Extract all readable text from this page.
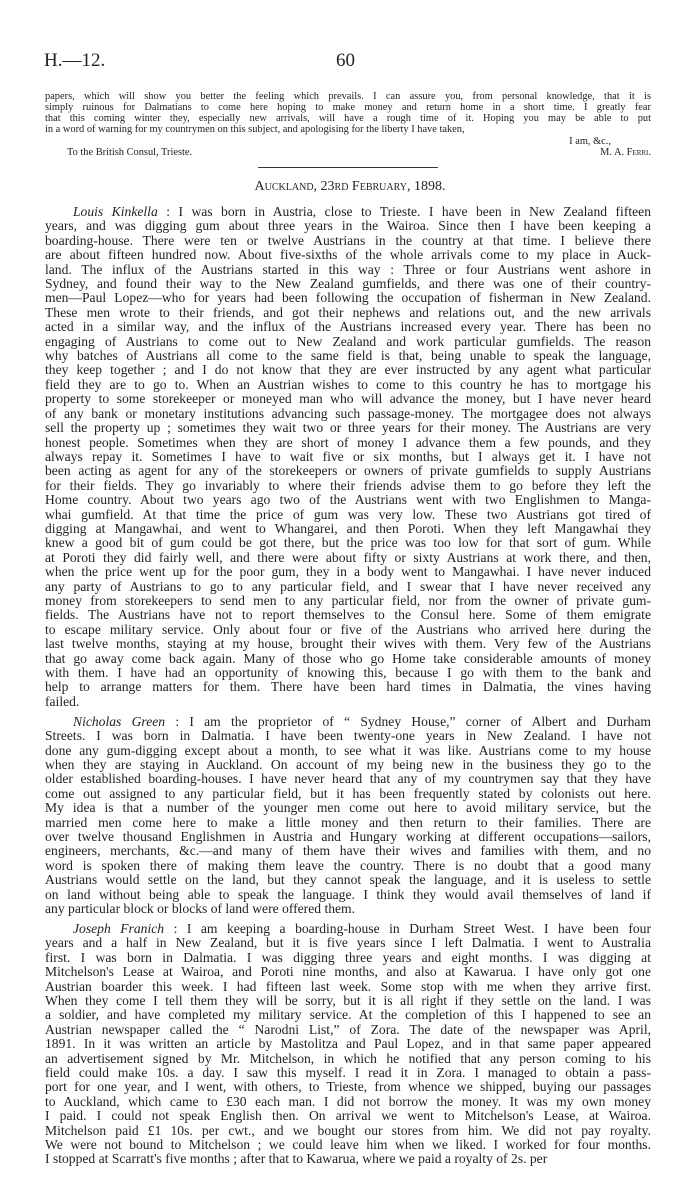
H.—12.	60
papers, which will show you better the feeling which prevails. I can assure you, from personal knowledge, that it is
simply ruinous for Dalmatians to come here hoping to make money and return home in a short time. I greatly fear
that this coming winter they, especially new arrivals, will have a rough time of it. Hoping you may be able to put
in a word of warning for my countrymen on this subject, and apologising for the liberty I have taken,
I am, &c.,
To the British Consul, Trieste.	M. A. Ferri.
Auckland, 23rd February, 1898.
Louis Kinkella : I was born in Austria, close to Trieste. I have been in New Zealand fifteen
years, and was digging gum about three years in the Wairoa. Since then I have been keeping a
boarding-house. There were ten or twelve Austrians in the country at that time. I believe there
are about fifteen hundred now. About five-sixths of the whole arrivals come to my place in Auck-
land. The influx of the Austrians started in this way : Three or four Austrians went ashore in
Sydney, and found their way to the New Zealand gumfields, and there was one of their country-
men—Paul Lopez—who for years had been following the occupation of fisherman in New Zealand.
These men wrote to their friends, and got their nephews and relations out, and the new arrivals
acted in a similar way, and the influx of the Austrians increased every year. There has been no
engaging of Austrians to come out to New Zealand and work particular gumfields. The reason
why batches of Austrians all come to the same field is that, being unable to speak the language,
they keep together ; and I do not know that they are ever instructed by any agent what particular
field they are to go to. When an Austrian wishes to come to this country he has to mortgage his
property to some storekeeper or moneyed man who will advance the money, but I have never heard
of any bank or monetary institutions advancing such passage-money. The mortgagee does not always
sell the property up ; sometimes they wait two or three years for their money. The Austrians are very
honest people. Sometimes when they are short of money I advance them a few pounds, and they
always repay it. Sometimes I have to wait five or six months, but I always get it. I have not
been acting as agent for any of the storekeepers or owners of private gumfields to supply Austrians
for their fields. They go invariably to where their friends advise them to go before they left the
Home country. About two years ago two of the Austrians went with two Englishmen to Manga-
whai gumfield. At that time the price of gum was very low. These two Austrians got tired of
digging at Mangawhai, and went to Whangarei, and then Poroti. When they left Mangawhai they
knew a good bit of gum could be got there, but the price was too low for that sort of gum. While
at Poroti they did fairly well, and there were about fifty or sixty Austrians at work there, and then,
when the price went up for the poor gum, they in a body went to Mangawhai. I have never induced
any party of Austrians to go to any particular field, and I swear that I have never received any
money from storekeepers to send men to any particular field, nor from the owner of private gum-
fields. The Austrians have not to report themselves to the Consul here. Some of them emigrate
to escape military service. Only about four or five of the Austrians who arrived here during the
last twelve months, staying at my house, brought their wives with them. Very few of the Austrians
that go away come back again. Many of those who go Home take considerable amounts of money
with them. I have had an opportunity of knowing this, because I go with them to the bank and
help to arrange matters for them. There have been hard times in Dalmatia, the vines having
failed.
Nicholas Green : I am the proprietor of “ Sydney House,” corner of Albert and Durham
Streets. I was born in Dalmatia. I have been twenty-one years in New Zealand. I have not
done any gum-digging except about a month, to see what it was like. Austrians come to my house
when they are staying in Auckland. On account of my being new in the business they go to the
older established boarding-houses. I have never heard that any of my countrymen say that they have
come out assigned to any particular field, but it has been frequently stated by colonists out here.
My idea is that a number of the younger men come out here to avoid military service, but the
married men come here to make a little money and then return to their families. There are
over twelve thousand Englishmen in Austria and Hungary working at different occupations—sailors,
engineers, merchants, &c.—and many of them have their wives and families with them, and no
word is spoken there of making them leave the country. There is no doubt that a good many
Austrians would settle on the land, but they cannot speak the language, and it is useless to settle
on land without being able to speak the language. I think they would avail themselves of land if
any particular block or blocks of land were offered them.
Joseph Franich : I am keeping a boarding-house in Durham Street West. I have been four
years and a half in New Zealand, but it is five years since I left Dalmatia. I went to Australia
first. I was born in Dalmatia. I was digging three years and eight months. I was digging at
Mitchelson's Lease at Wairoa, and Poroti nine months, and also at Kawarua. I have only got one
Austrian boarder this week. I had fifteen last week. Some stop with me when they arrive first.
When they come I tell them they will be sorry, but it is all right if they settle on the land. I was
a soldier, and have completed my military service. At the completion of this I happened to see an
Austrian newspaper called the “ Narodni List,” of Zora. The date of the newspaper was April,
1891. In it was written an article by Mastolitza and Paul Lopez, and in that same paper appeared
an advertisement signed by Mr. Mitchelson, in which he notified that any person coming to his
field could make 10s. a day. I saw this myself. I read it in Zora. I managed to obtain a pass-
port for one year, and I went, with others, to Trieste, from whence we shipped, buying our passages
to Auckland, which came to £30 each man. I did not borrow the money. It was my own money
I paid. I could not speak English then. On arrival we went to Mitchelson's Lease, at Wairoa.
Mitchelson paid £1 10s. per cwt., and we bought our stores from him. We did not pay royalty.
We were not bound to Mitchelson ; we could leave him when we liked. I worked for four months.
I stopped at Scarratt's five months ; after that to Kawarua, where we paid a royalty of 2s. per
